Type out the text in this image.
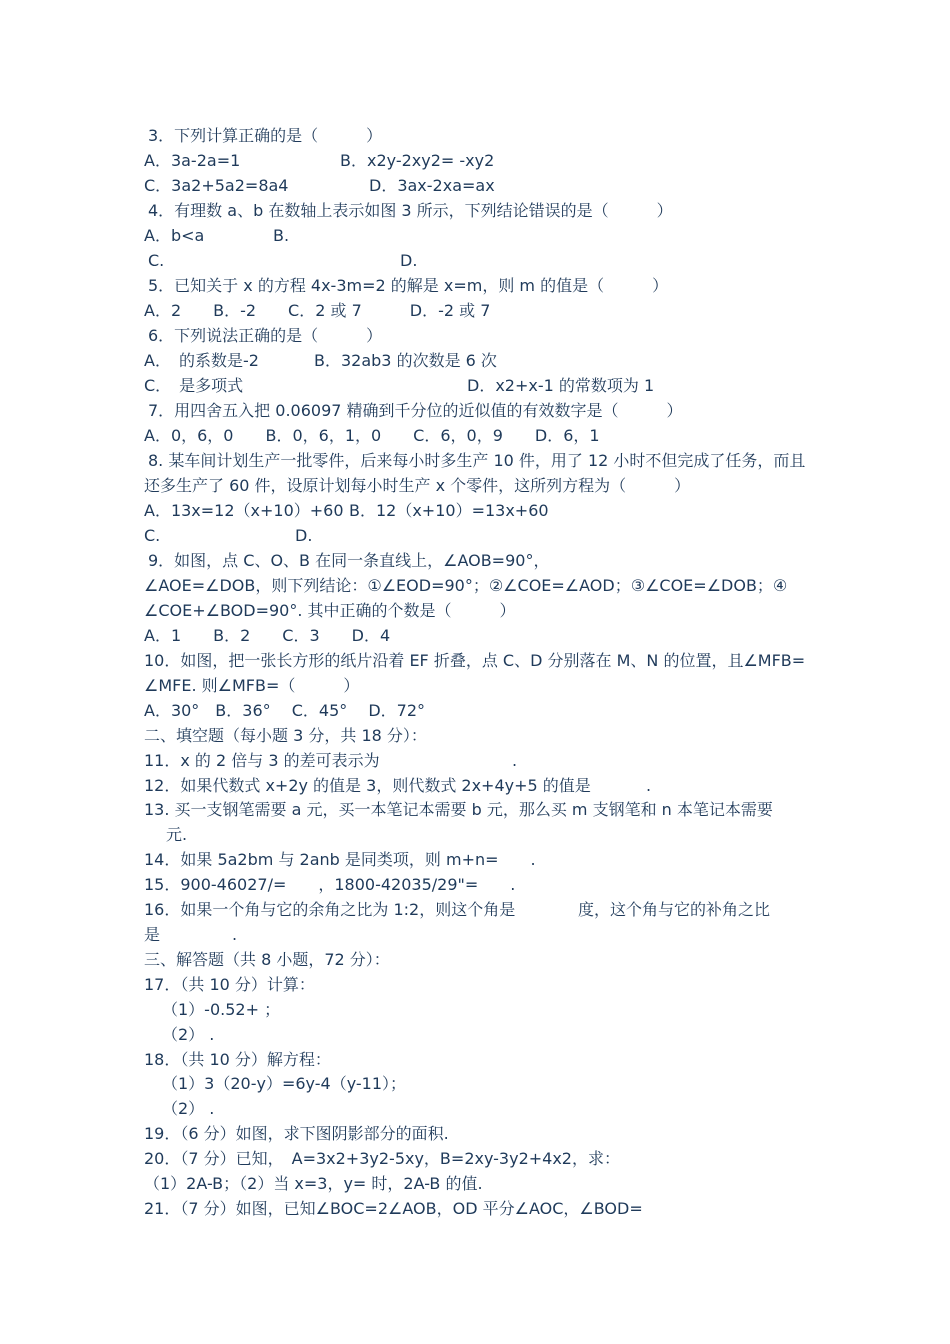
3．下列计算正确的是（　　　）
A．3a-2a=1	B．x2y-2xy2= -xy2
C．3a2+5a2=8a4	D．3ax-2xa=ax
4．有理数 a、b 在数轴上表示如图 3 所示，下列结论错误的是（　　　）
A．b<a	B.
C.	D.
5．已知关于 x 的方程 4x-3m=2 的解是 x=m，则 m 的值是（　　　）
A．2　　B．-2　　C．2 或 7　　　D．-2 或 7
6．下列说法正确的是（　　　）
A．　的系数是-2	B．32ab3 的次数是 6 次
C．　是多项式	D．x2+x-1 的常数项为 1
7．用四舍五入把 0.06097 精确到千分位的近似值的有效数字是（　　　）
A．0，6，0　　B．0，6，1，0　　C．6，0，9　　D．6，1
8. 某车间计划生产一批零件，后来每小时多生产 10 件，用了 12 小时不但完成了任务，而且
还多生产了 60 件，设原计划每小时生产 x 个零件，这所列方程为（　　　）
A．13x=12（x+10）+60 B．12（x+10）=13x+60
C.	D.
9．如图，点 C、O、B 在同一条直线上，∠AOB=90°，
∠AOE=∠DOB，则下列结论：①∠EOD=90°；②∠COE=∠AOD；③∠COE=∠DOB；④
∠COE+∠BOD=90°. 其中正确的个数是（　　　）
A．1　　B．2　　C．3　　D．4
10．如图，把一张长方形的纸片沿着 EF 折叠，点 C、D 分别落在 M、N 的位置，且∠MFB=
∠MFE. 则∠MFB=（　　　）
A．30°　B．36°　 C．45°　 D．72°
二、填空题（每小题 3 分，共 18 分）：
11．x 的 2 倍与 3 的差可表示为	.
12．如果代数式 x+2y 的值是 3，则代数式 2x+4y+5 的值是	.
13. 买一支钢笔需要 a 元，买一本笔记本需要 b 元，那么买 m 支钢笔和 n 本笔记本需要
元.
14．如果 5a2bm 与 2anb 是同类项，则 m+n=　　.
15．900-46027/=　　，1800-42035/29"=　　.
16．如果一个角与它的余角之比为 1:2，则这个角是	度，这个角与它的补角之比
是	.
三、解答题（共 8 小题，72 分）：
17．（共 10 分）计算：
（1）-0.52+ ；
（2） .
18．（共 10 分）解方程：
（1）3（20-y）=6y-4（y-11）；
（2） .
19．（6 分）如图，求下图阴影部分的面积.
20．（7 分）已知，　A=3x2+3y2-5xy，B=2xy-3y2+4x2，求：
（1）2A-B；（2）当 x=3，y= 时，2A-B 的值.
21．（7 分）如图，已知∠BOC=2∠AOB，OD 平分∠AOC，∠BOD=
